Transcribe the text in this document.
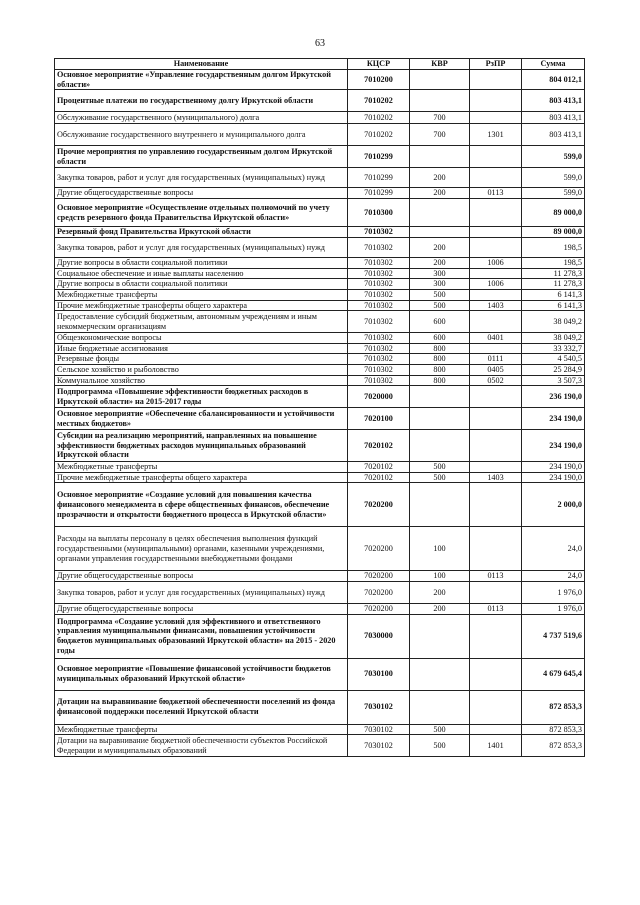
63
Наименование	КЦСР	КВР	РзПР	Сумма
Основное мероприятие «Управление государственным долгом Иркутской области»	7010200			804 012,1
Процентные платежи по государственному долгу Иркутской области	7010202			803 413,1
Обслуживание государственного (муниципального) долга	7010202	700		803 413,1
Обслуживание государственного внутреннего и муниципального долга	7010202	700	1301	803 413,1
Прочие мероприятия по управлению государственным долгом Иркутской области	7010299			599,0
Закупка товаров, работ и услуг для государственных (муниципальных) нужд	7010299	200		599,0
Другие общегосударственные вопросы	7010299	200	0113	599,0
Основное мероприятие «Осуществление отдельных полномочий по учету средств резервного фонда Правительства Иркутской области»	7010300			89 000,0
Резервный фонд Правительства Иркутской области	7010302			89 000,0
Закупка товаров, работ и услуг для государственных (муниципальных) нужд	7010302	200		198,5
Другие вопросы в области социальной политики	7010302	200	1006	198,5
Социальное обеспечение и иные выплаты населению	7010302	300		11 278,3
Другие вопросы в области социальной политики	7010302	300	1006	11 278,3
Межбюджетные трансферты	7010302	500		6 141,3
Прочие межбюджетные трансферты общего характера	7010302	500	1403	6 141,3
Предоставление субсидий бюджетным, автономным учреждениям и иным некоммерческим организациям	7010302	600		38 049,2
Общеэкономические вопросы	7010302	600	0401	38 049,2
Иные бюджетные ассигнования	7010302	800		33 332,7
Резервные фонды	7010302	800	0111	4 540,5
Сельское хозяйство и рыболовство	7010302	800	0405	25 284,9
Коммунальное хозяйство	7010302	800	0502	3 507,3
Подпрограмма «Повышение эффективности бюджетных расходов в Иркутской области» на 2015-2017 годы	7020000			236 190,0
Основное мероприятие «Обеспечение сбалансированности и устойчивости местных бюджетов»	7020100			234 190,0
Субсидии на реализацию мероприятий, направленных на повышение эффективности бюджетных расходов муниципальных образований Иркутской области	7020102			234 190,0
Межбюджетные трансферты	7020102	500		234 190,0
Прочие межбюджетные трансферты общего характера	7020102	500	1403	234 190,0
Основное мероприятие «Создание условий для повышения качества финансового менеджмента в сфере общественных финансов, обеспечение прозрачности и открытости бюджетного процесса в Иркутской области»	7020200			2 000,0
Расходы на выплаты персоналу в целях обеспечения выполнения функций государственными (муниципальными) органами, казенными учреждениями, органами управления государственными внебюджетными фондами	7020200	100		24,0
Другие общегосударственные вопросы	7020200	100	0113	24,0
Закупка товаров, работ и услуг для государственных (муниципальных) нужд	7020200	200		1 976,0
Другие общегосударственные вопросы	7020200	200	0113	1 976,0
Подпрограмма «Создание условий для эффективного и ответственного управления муниципальными финансами, повышения устойчивости бюджетов муниципальных образований Иркутской области» на 2015 - 2020 годы	7030000			4 737 519,6
Основное мероприятие «Повышение финансовой устойчивости бюджетов муниципальных образований Иркутской области»	7030100			4 679 645,4
Дотации на выравнивание бюджетной обеспеченности поселений из фонда финансовой поддержки поселений Иркутской области	7030102			872 853,3
Межбюджетные трансферты	7030102	500		872 853,3
Дотации на выравнивание бюджетной обеспеченности субъектов Российской Федерации и муниципальных образований	7030102	500	1401	872 853,3
